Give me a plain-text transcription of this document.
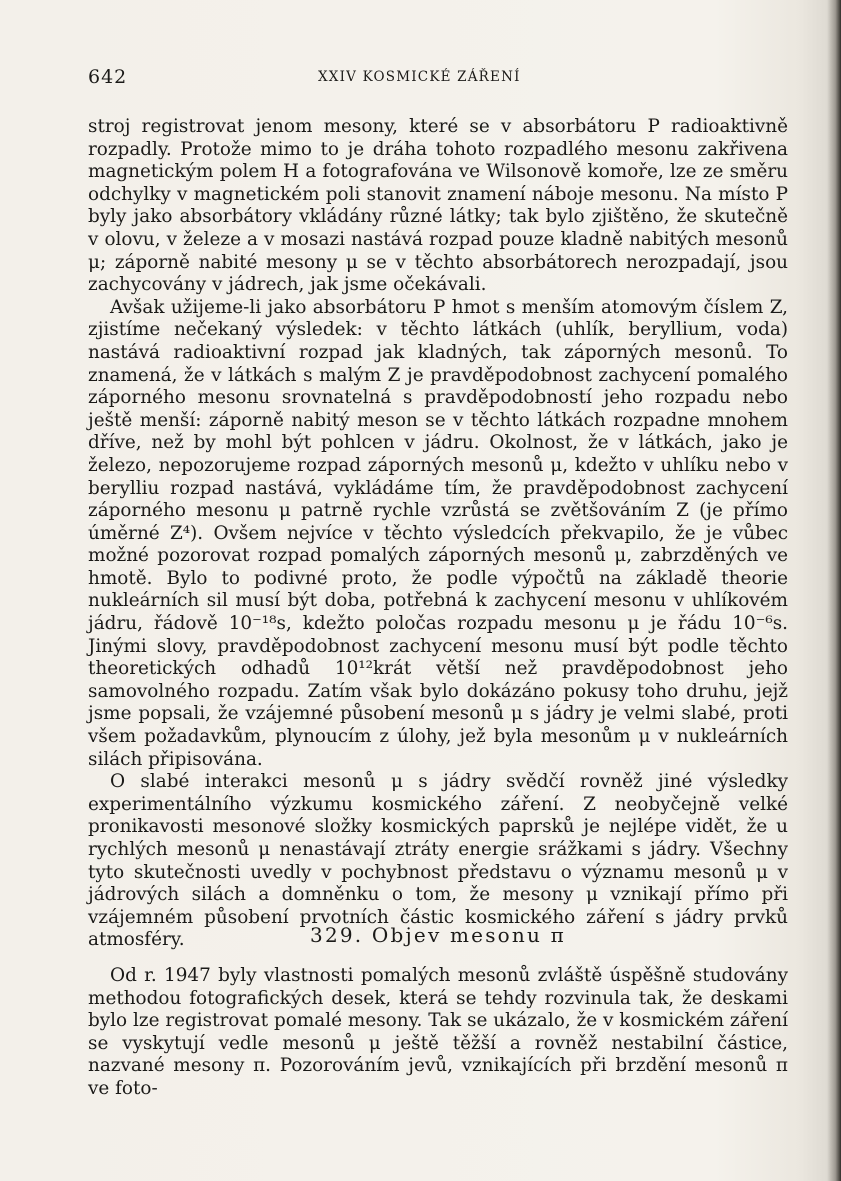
642	XXIV KOSMICKÉ ZÁŘENÍ

stroj registrovat jenom mesony, které se v absorbátoru P radioaktivně rozpadly. Protože mimo to je dráha tohoto rozpadlého mesonu zakřivena magnetickým polem H a fotografována ve Wilsonově komoře, lze ze směru odchylky v magnetickém poli stanovit znamení náboje mesonu. Na místo P byly jako absorbátory vkládány různé látky; tak bylo zjištěno, že skutečně v olovu, v železe a v mosazi nastává rozpad pouze kladně nabitých mesonů μ; záporně nabité mesony μ se v těchto absorbátorech nerozpadají, jsou zachycovány v jádrech, jak jsme očekávali.

Avšak užijeme-li jako absorbátoru P hmot s menším atomovým číslem Z, zjistíme nečekaný výsledek: v těchto látkách (uhlík, beryllium, voda) nastává radioaktivní rozpad jak kladných, tak záporných mesonů. To znamená, že v látkách s malým Z je pravděpodobnost zachycení pomalého záporného mesonu srovnatelná s pravděpodobností jeho rozpadu nebo ještě menší: záporně nabitý meson se v těchto látkách rozpadne mnohem dříve, než by mohl být pohlcen v jádru. Okolnost, že v látkách, jako je železo, nepozorujeme rozpad záporných mesonů μ, kdežto v uhlíku nebo v berylliu rozpad nastává, vykládáme tím, že pravděpodobnost zachycení záporného mesonu μ patrně rychle vzrůstá se zvětšováním Z (je přímo úměrné Z⁴). Ovšem nejvíce v těchto výsledcích překvapilo, že je vůbec možné pozorovat rozpad pomalých záporných mesonů μ, zabrzděných ve hmotě. Bylo to podivné proto, že podle výpočtů na základě theorie nukleárních sil musí být doba, potřebná k zachycení mesonu v uhlíkovém jádru, řádově 10⁻¹⁸s, kdežto poločas rozpadu mesonu μ je řádu 10⁻⁶s. Jinými slovy, pravděpodobnost zachycení mesonu musí být podle těchto theoretických odhadů 10¹²krát větší než pravděpodobnost jeho samovolného rozpadu. Zatím však bylo dokázáno pokusy toho druhu, jejž jsme popsali, že vzájemné působení mesonů μ s jádry je velmi slabé, proti všem požadavkům, plynoucím z úlohy, jež byla mesonům μ v nukleárních silách připisována.

O slabé interakci mesonů μ s jádry svědčí rovněž jiné výsledky experimentálního výzkumu kosmického záření. Z neobyčejně velké pronikavosti mesonové složky kosmických paprsků je nejlépe vidět, že u rychlých mesonů μ nenastávají ztráty energie srážkami s jádry. Všechny tyto skutečnosti uvedly v pochybnost představu o významu mesonů μ v jádrových silách a domněnku o tom, že mesony μ vznikají přímo při vzájemném působení prvotních částic kosmického záření s jádry prvků atmosféry.	329. Objev mesonu π

Od r. 1947 byly vlastnosti pomalých mesonů zvláště úspěšně studovány methodou fotografických desek, která se tehdy rozvinula tak, že deskami bylo lze registrovat pomalé mesony. Tak se ukázalo, že v kosmickém záření se vyskytují vedle mesonů μ ještě těžší a rovněž nestabilní částice, nazvané mesony π. Pozorováním jevů, vznikajících při brzdění mesonů π ve foto-
